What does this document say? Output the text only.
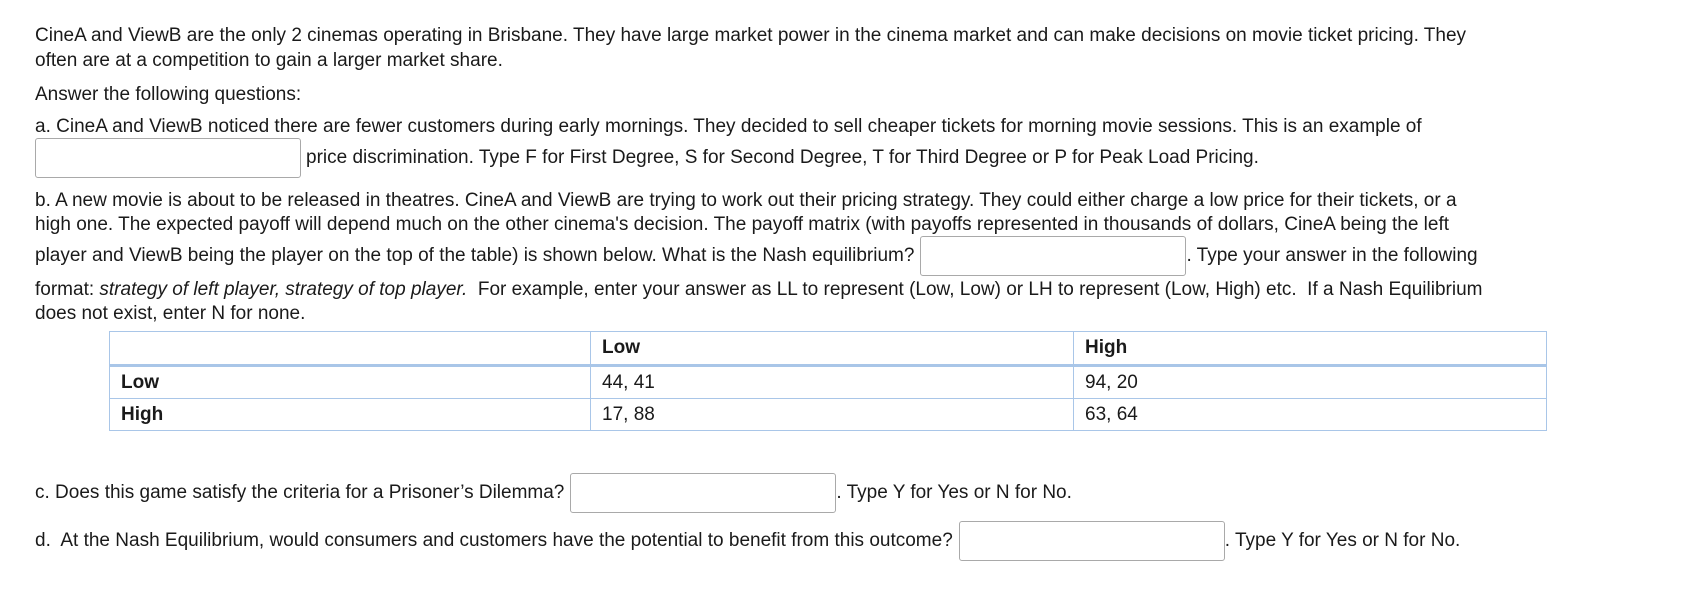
CineA and ViewB are the only 2 cinemas operating in Brisbane. They have large market power in the cinema market and can make decisions on movie ticket pricing. They
often are at a competition to gain a larger market share.
Answer the following questions:
a. CineA and ViewB noticed there are fewer customers during early mornings. They decided to sell cheaper tickets for morning movie sessions. This is an example of
price discrimination. Type F for First Degree, S for Second Degree, T for Third Degree or P for Peak Load Pricing.
b. A new movie is about to be released in theatres. CineA and ViewB are trying to work out their pricing strategy. They could either charge a low price for their tickets, or a
high one. The expected payoff will depend much on the other cinema's decision. The payoff matrix (with payoffs represented in thousands of dollars, CineA being the left
player and ViewB being the player on the top of the table) is shown below. What is the Nash equilibrium?	. Type your answer in the following
format: strategy of left player, strategy of top player.  For example, enter your answer as LL to represent (Low, Low) or LH to represent (Low, High) etc.  If a Nash Equilibrium
does not exist, enter N for none.
	Low	High
Low	44, 41	94, 20
High	17, 88	63, 64
c. Does this game satisfy the criteria for a Prisoner’s Dilemma?	. Type Y for Yes or N for No.
d.  At the Nash Equilibrium, would consumers and customers have the potential to benefit from this outcome?	. Type Y for Yes or N for No.
